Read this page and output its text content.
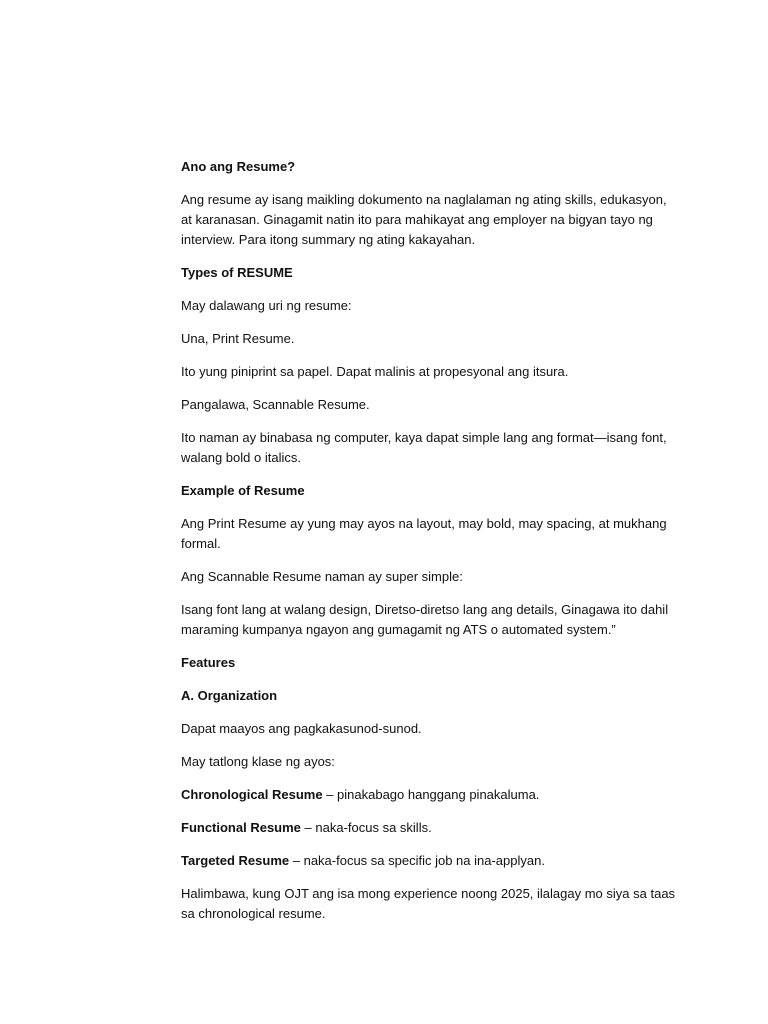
Ano ang Resume?

Ang resume ay isang maikling dokumento na naglalaman ng ating skills, edukasyon, at karanasan. Ginagamit natin ito para mahikayat ang employer na bigyan tayo ng interview. Para itong summary ng ating kakayahan.

Types of RESUME

May dalawang uri ng resume:

Una, Print Resume.

Ito yung piniprint sa papel. Dapat malinis at propesyonal ang itsura.

Pangalawa, Scannable Resume.

Ito naman ay binabasa ng computer, kaya dapat simple lang ang format—isang font, walang bold o italics.

Example of Resume

Ang Print Resume ay yung may ayos na layout, may bold, may spacing, at mukhang formal.

Ang Scannable Resume naman ay super simple:

Isang font lang at walang design, Diretso-diretso lang ang details, Ginagawa ito dahil maraming kumpanya ngayon ang gumagamit ng ATS o automated system.”

Features

A. Organization

Dapat maayos ang pagkakasunod-sunod.

May tatlong klase ng ayos:

Chronological Resume – pinakabago hanggang pinakaluma.

Functional Resume – naka-focus sa skills.

Targeted Resume – naka-focus sa specific job na ina-applyan.

Halimbawa, kung OJT ang isa mong experience noong 2025, ilalagay mo siya sa taas sa chronological resume.
